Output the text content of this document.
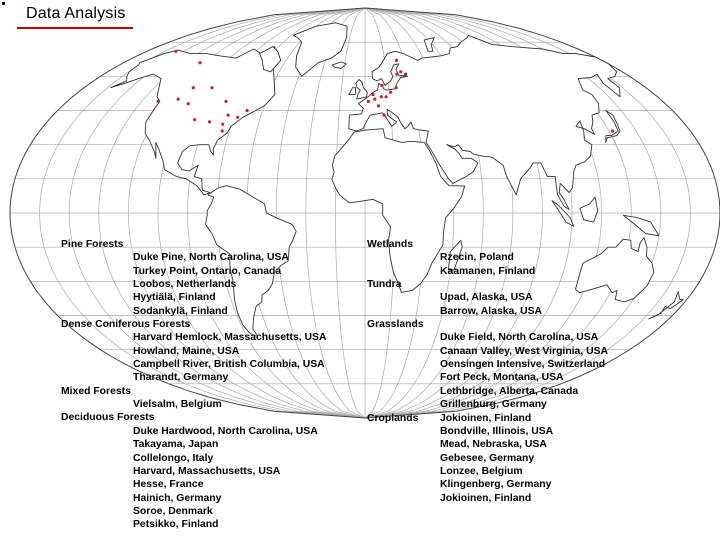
Data Analysis
Pine Forests
Duke Pine, North Carolina, USA
Turkey Point, Ontario, Canada
Loobos, Netherlands
Hyytiälä, Finland
Sodankylä, Finland
Dense Coniferous Forests
Harvard Hemlock, Massachusetts, USA
Howland, Maine, USA
Campbell River, British Columbia, USA
Tharandt, Germany
Mixed Forests
Vielsalm, Belgium
Deciduous Forests
Duke Hardwood, North Carolina, USA
Takayama, Japan
Collelongo, Italy
Harvard, Massachusetts, USA
Hesse, France
Hainich, Germany
Soroe, Denmark
Petsikko, Finland
Wetlands
Rzecin, Poland
Kaamanen, Finland
Tundra
Upad, Alaska, USA
Barrow, Alaska, USA
Grasslands
Duke Field, North Carolina, USA
Canaan Valley, West Virginia, USA
Oensingen Intensive, Switzerland
Fort Peck, Montana, USA
Lethbridge, Alberta, Canada
Grillenburg, Germany
Jokioinen, Finland
Croplands
Bondville, Illinois, USA
Mead, Nebraska, USA
Gebesee, Germany
Lonzee, Belgium
Klingenberg, Germany
Jokioinen, Finland
